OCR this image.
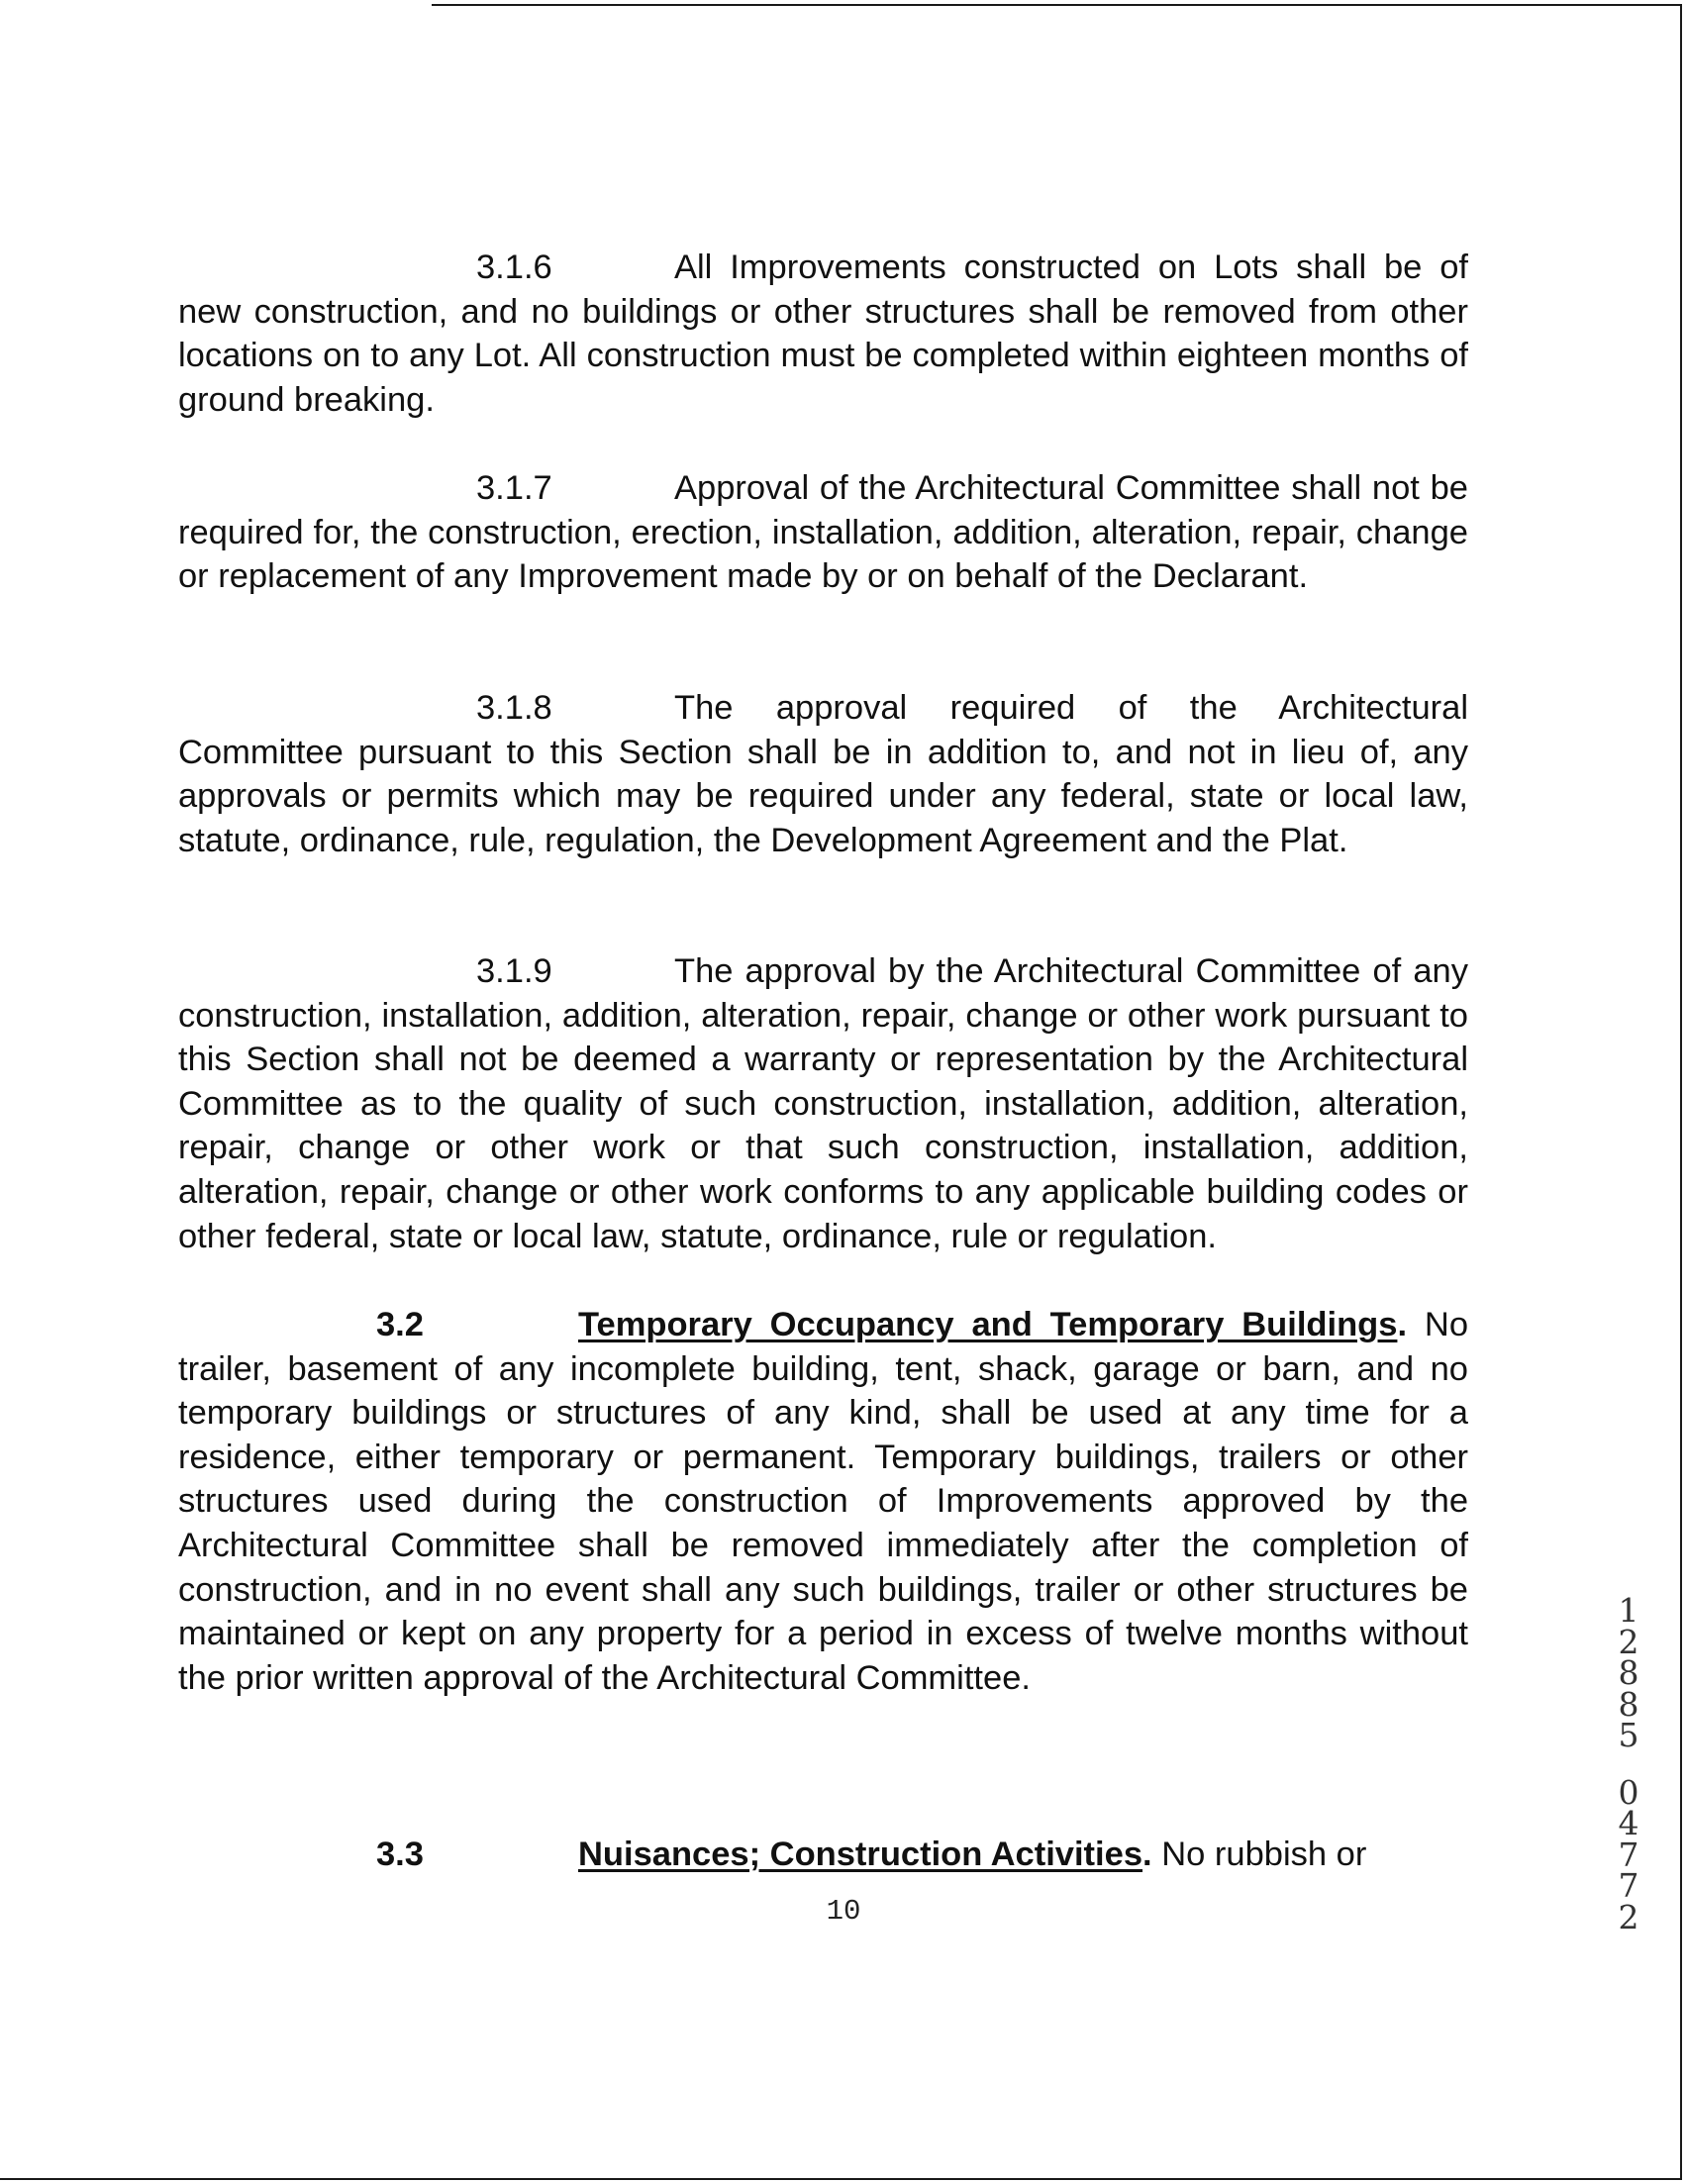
3.1.6	All Improvements constructed on Lots shall be of new construction, and no buildings or other structures shall be removed from other locations on to any Lot. All construction must be completed within eighteen months of ground breaking.

3.1.7	Approval of the Architectural Committee shall not be required for, the construction, erection, installation, addition, alteration, repair, change or replacement of any Improvement made by or on behalf of the Declarant.

3.1.8	The approval required of the Architectural Committee pursuant to this Section shall be in addition to, and not in lieu of, any approvals or permits which may be required under any federal, state or local law, statute, ordinance, rule, regulation, the Development Agreement and the Plat.

3.1.9	The approval by the Architectural Committee of any construction, installation, addition, alteration, repair, change or other work pursuant to this Section shall not be deemed a warranty or representation by the Architectural Committee as to the quality of such construction, installation, addition, alteration, repair, change or other work or that such construction, installation, addition, alteration, repair, change or other work conforms to any applicable building codes or other federal, state or local law, statute, ordinance, rule or regulation.

3.2	Temporary Occupancy and Temporary Buildings. No trailer, basement of any incomplete building, tent, shack, garage or barn, and no temporary buildings or structures of any kind, shall be used at any time for a residence, either temporary or permanent. Temporary buildings, trailers or other structures used during the construction of Improvements approved by the Architectural Committee shall be removed immediately after the completion of construction, and in no event shall any such buildings, trailer or other structures be maintained or kept on any property for a period in excess of twelve months without the prior written approval of the Architectural Committee.

3.3	Nuisances; Construction Activities. No rubbish or

10
1
2
8
8
5
0
4
7
7
2
